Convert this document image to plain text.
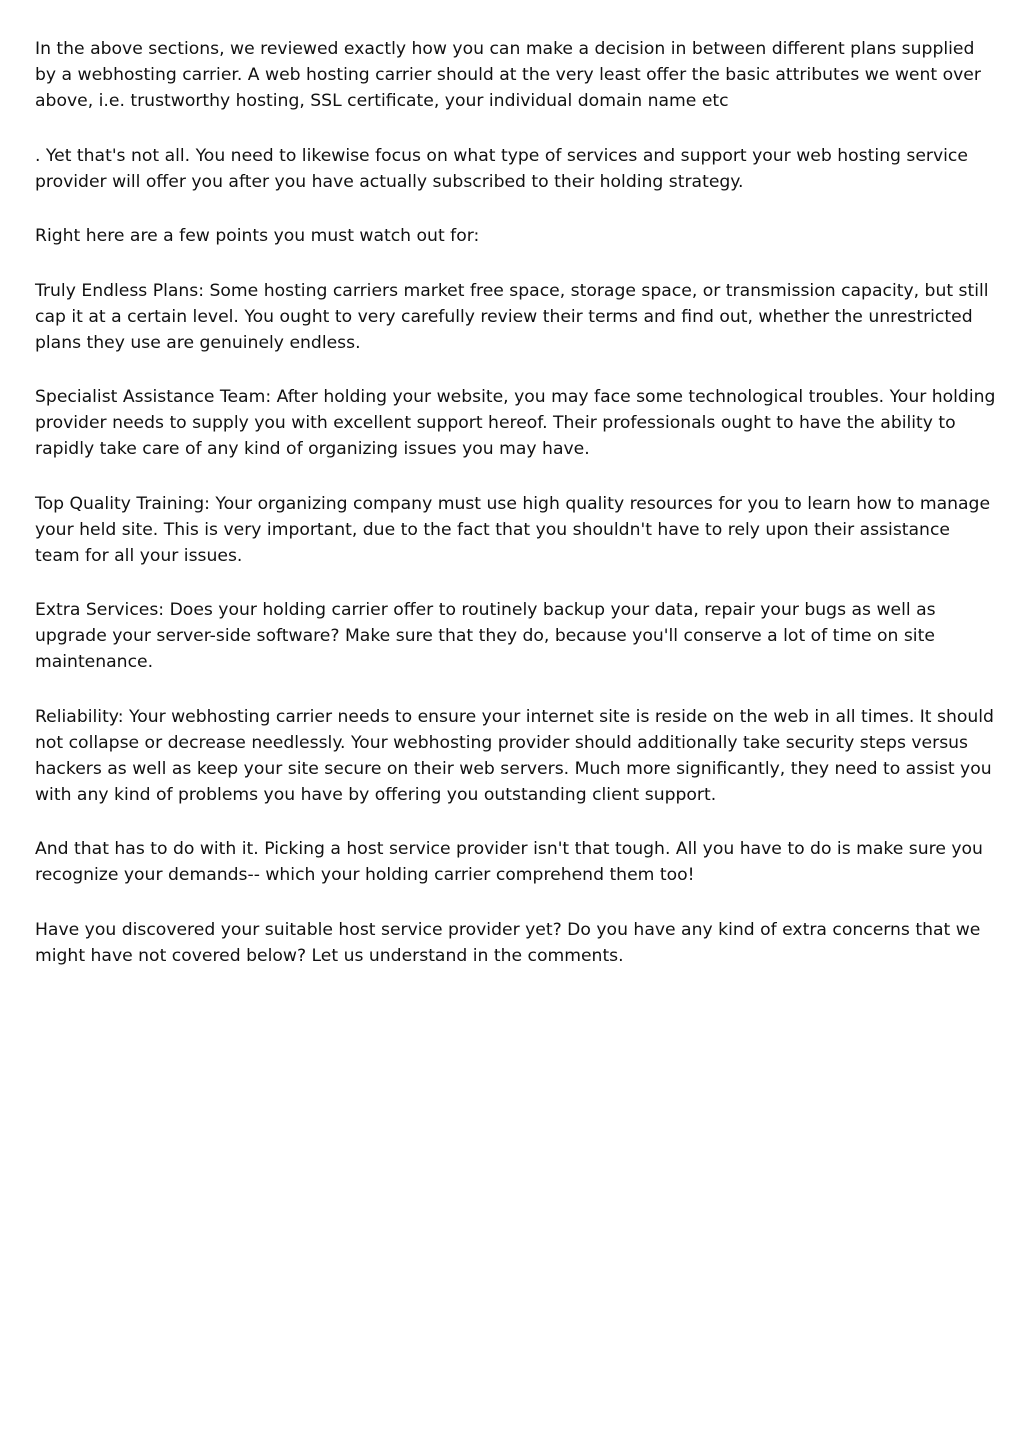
In the above sections, we reviewed exactly how you can make a decision in between different plans supplied by a webhosting carrier. A web hosting carrier should at the very least offer the basic attributes we went over above, i.e. trustworthy hosting, SSL certificate, your individual domain name etc

. Yet that's not all. You need to likewise focus on what type of services and support your web hosting service provider will offer you after you have actually subscribed to their holding strategy.

Right here are a few points you must watch out for:

Truly Endless Plans: Some hosting carriers market free space, storage space, or transmission capacity, but still cap it at a certain level. You ought to very carefully review their terms and find out, whether the unrestricted plans they use are genuinely endless.

Specialist Assistance Team: After holding your website, you may face some technological troubles. Your holding provider needs to supply you with excellent support hereof. Their professionals ought to have the ability to rapidly take care of any kind of organizing issues you may have.

Top Quality Training: Your organizing company must use high quality resources for you to learn how to manage your held site. This is very important, due to the fact that you shouldn't have to rely upon their assistance team for all your issues.

Extra Services: Does your holding carrier offer to routinely backup your data, repair your bugs as well as upgrade your server-side software? Make sure that they do, because you'll conserve a lot of time on site maintenance.

Reliability: Your webhosting carrier needs to ensure your internet site is reside on the web in all times. It should not collapse or decrease needlessly. Your webhosting provider should additionally take security steps versus hackers as well as keep your site secure on their web servers. Much more significantly, they need to assist you with any kind of problems you have by offering you outstanding client support.

And that has to do with it. Picking a host service provider isn't that tough. All you have to do is make sure you recognize your demands-- which your holding carrier comprehend them too!

Have you discovered your suitable host service provider yet? Do you have any kind of extra concerns that we might have not covered below? Let us understand in the comments.
